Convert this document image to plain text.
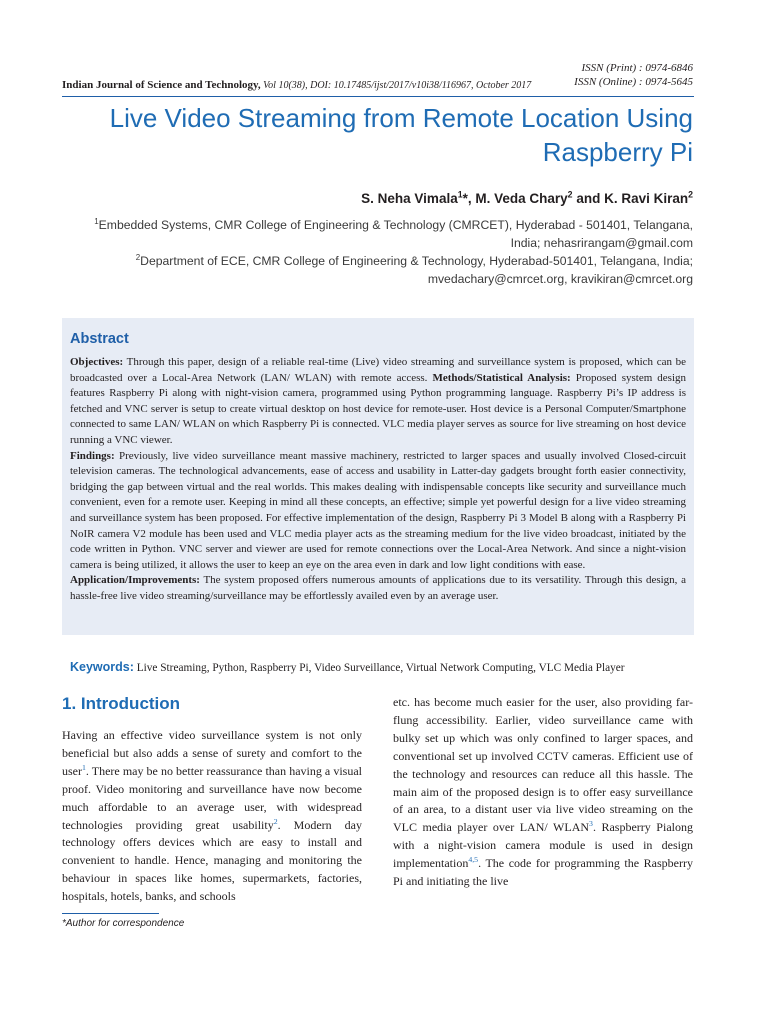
ISSN (Print) : 0974-6846
ISSN (Online) : 0974-5645
Indian Journal of Science and Technology, Vol 10(38), DOI: 10.17485/ijst/2017/v10i38/116967, October 2017
Live Video Streaming from Remote Location Using Raspberry Pi
S. Neha Vimala$^1$*, M. Veda Chary$^2$ and K. Ravi Kiran$^2$
$^1$Embedded Systems, CMR College of Engineering & Technology (CMRCET), Hyderabad - 501401, Telangana, India; nehasrirangam@gmail.com
$^2$Department of ECE, CMR College of Engineering & Technology, Hyderabad-501401, Telangana, India; mvedachary@cmrcet.org, kravikiran@cmrcet.org
Abstract

Objectives: Through this paper, design of a reliable real-time (Live) video streaming and surveillance system is proposed, which can be broadcasted over a Local-Area Network (LAN/ WLAN) with remote access. Methods/Statistical Analysis: Proposed system design features Raspberry Pi along with night-vision camera, programmed using Python programming language. Raspberry Pi’s IP address is fetched and VNC server is setup to create virtual desktop on host device for remote-user. Host device is a Personal Computer/Smartphone connected to same LAN/ WLAN on which Raspberry Pi is connected. VLC media player serves as source for live streaming on host device running a VNC viewer.

Findings: Previously, live video surveillance meant massive machinery, restricted to larger spaces and usually involved Closed-circuit television cameras. The technological advancements, ease of access and usability in Latter-day gadgets brought forth easier connectivity, bridging the gap between virtual and the real worlds. This makes dealing with indispensable concepts like security and surveillance much convenient, even for a remote user. Keeping in mind all these concepts, an effective; simple yet powerful design for a live video streaming and surveillance system has been proposed. For effective implementation of the design, Raspberry Pi 3 Model B along with a Raspberry Pi NoIR camera V2 module has been used and VLC media player acts as the streaming medium for the live video broadcast, initiated by the code written in Python. VNC server and viewer are used for remote connections over the Local-Area Network. And since a night-vision camera is being utilized, it allows the user to keep an eye on the area even in dark and low light conditions with ease.

Application/Improvements: The system proposed offers numerous amounts of applications due to its versatility. Through this design, a hassle-free live video streaming/surveillance may be effortlessly availed even by an average user.

Keywords: Live Streaming, Python, Raspberry Pi, Video Surveillance, Virtual Network Computing, VLC Media Player
1. Introduction

Having an effective video surveillance system is not only beneficial but also adds a sense of surety and comfort to the user$^1$. There may be no better reassurance than having a visual proof. Video monitoring and surveillance have now become much affordable to an average user, with widespread technologies providing great usability$^2$. Modern day technology offers devices which are easy to install and convenient to handle. Hence, managing and monitoring the behaviour in spaces like homes, supermarkets, factories, hospitals, hotels, banks, and schools

etc. has become much easier for the user, also providing far-flung accessibility. Earlier, video surveillance came with bulky set up which was only confined to larger spaces, and conventional set up involved CCTV cameras. Efficient use of the technology and resources can reduce all this hassle. The main aim of the proposed design is to offer easy surveillance of an area, to a distant user via live video streaming on the VLC media player over LAN/ WLAN$^3$. Raspberry Pialong with a night-vision camera module is used in design implementation$^{4,5}$. The code for programming the Raspberry Pi and initiating the live

*Author for correspondence
